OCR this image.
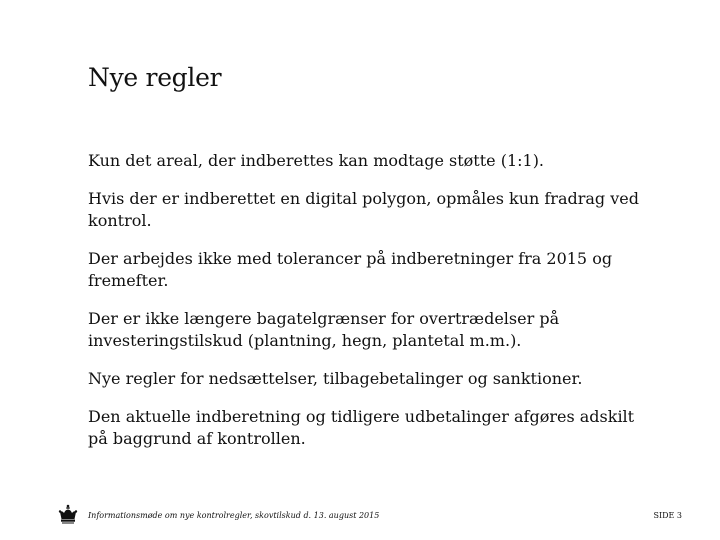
Nye regler
Kun det areal, der indberettes kan modtage støtte (1:1).
Hvis der er indberettet en digital polygon, opmåles kun fradrag ved kontrol.
Der arbejdes ikke med tolerancer på indberetninger fra 2015 og fremefter.
Der er ikke længere bagatelgrænser for overtrædelser på investeringstilskud (plantning, hegn, plantetal m.m.).
Nye regler for nedsættelser, tilbagebetalinger og sanktioner.
Den aktuelle indberetning og tidligere udbetalinger afgøres adskilt på baggrund af kontrollen.
Informationsmøde om nye kontrolregler, skovtilskud d. 13. august 2015	SIDE 3
